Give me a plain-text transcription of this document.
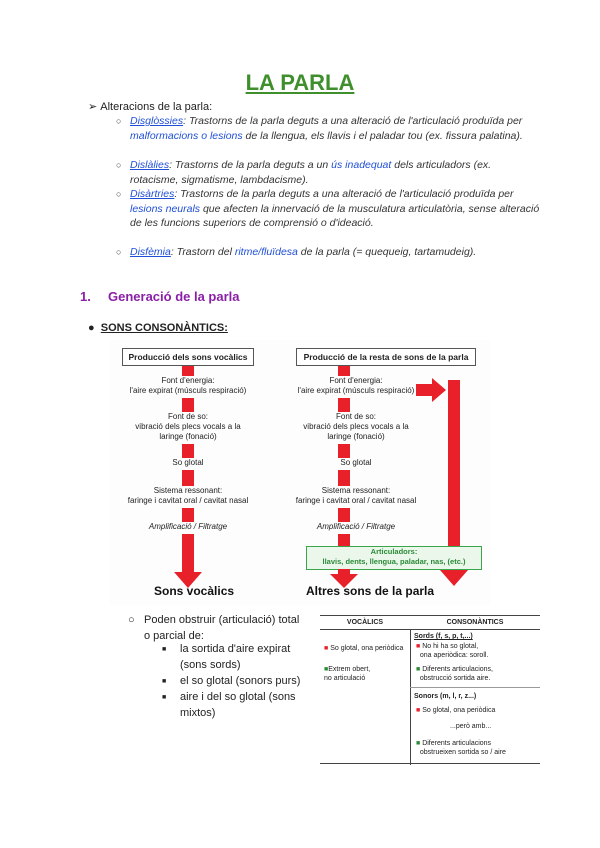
LA PARLA
➢ Alteracions de la parla:
○ Disglòssies: Trastorns de la parla deguts a una alteració de l'articulació produïda per malformacions o lesions de la llengua, els llavis i el paladar tou (ex. fissura palatina).
○ Dislàlies: Trastorns de la parla deguts a un ús inadequat dels articuladors (ex. rotacisme, sigmatisme, lambdacisme).
○ Disàrtries: Trastorns de la parla deguts a una alteració de l'articulació produïda per lesions neurals que afecten la innervació de la musculatura articulatòria, sense alteració de les funcions superiors de comprensió o d'ideació.
○ Disfèmia: Trastorn del ritme/fluïdesa de la parla (= quequeig, tartamudeig).
1. Generació de la parla
●  SONS CONSONÀNTICS:
Producció dels sons vocàlics
Font d'energia:
l'aire expirat (músculs respiració)
Font de so:
vibració dels plecs vocals a la
laringe (fonació)
So glotal
Sistema ressonant:
faringe i cavitat oral / cavitat nasal
Amplificació / Filtratge
Producció de la resta de sons de la parla
Font d'energia:
l'aire expirat (músculs respiració)
Font de so:
vibració dels plecs vocals a la
laringe (fonació)
So glotal
Sistema ressonant:
faringe i cavitat oral / cavitat nasal
Amplificació / Filtratge
Articuladors:
llavis, dents, llengua, paladar, nas, (etc.)
Sons vocàlics	Altres sons de la parla
○ Poden obstruir (articulació) total
o parcial de:
■ la sortida d'aire expirat
(sons sords)
■ el so glotal (sonors purs)
■ aire i del so glotal (sons
mixtos)
VOCÀLICS	CONSONÀNTICS
■ So glotal, ona periòdica
■Extrem obert,
no articulació
Sords (f, s, p, t,...)
■ No hi ha so glotal,
ona aperiòdica: soroll.
■ Diferents articulacions,
obstrucció sortida aire.
Sonors (m, l, r, z...)
■ So glotal, ona periòdica
...però amb...
■ Diferents articulacions
obstrueixen sortida so / aire
